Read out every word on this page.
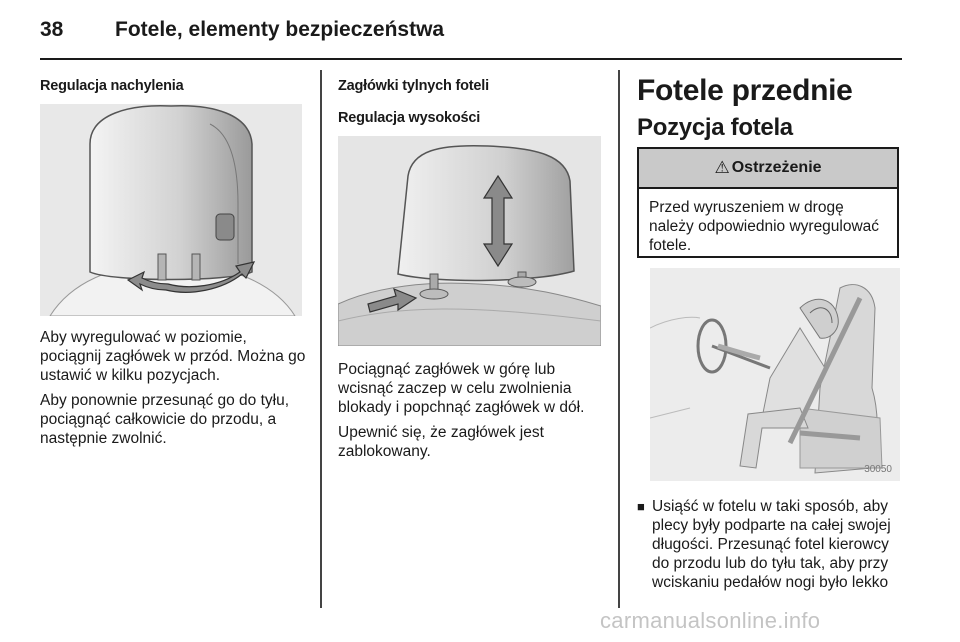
38 Fotele, elementy bezpieczeństwa
Regulacja nachylenia

Aby wyregulować w poziomie, pociągnij zagłówek w przód. Można go ustawić w kilku pozycjach.

Aby ponownie przesunąć go do tyłu, pociągnąć całkowicie do przodu, a następnie zwolnić.

Zagłówki tylnych foteli
Regulacja wysokości

Pociągnąć zagłówek w górę lub wcisnąć zaczep w celu zwolnienia blokady i popchnąć zagłówek w dół.

Upewnić się, że zagłówek jest zablokowany.

Fotele przednie
Pozycja fotela
⚠ Ostrzeżenie
Przed wyruszeniem w drogę należy odpowiednio wyregulować fotele.
30050
■ Usiąść w fotelu w taki sposób, aby plecy były podparte na całej swojej długości. Przesunąć fotel kierowcy do przodu lub do tyłu tak, aby przy wciskaniu pedałów nogi było lekko
carmanualsonline.info
